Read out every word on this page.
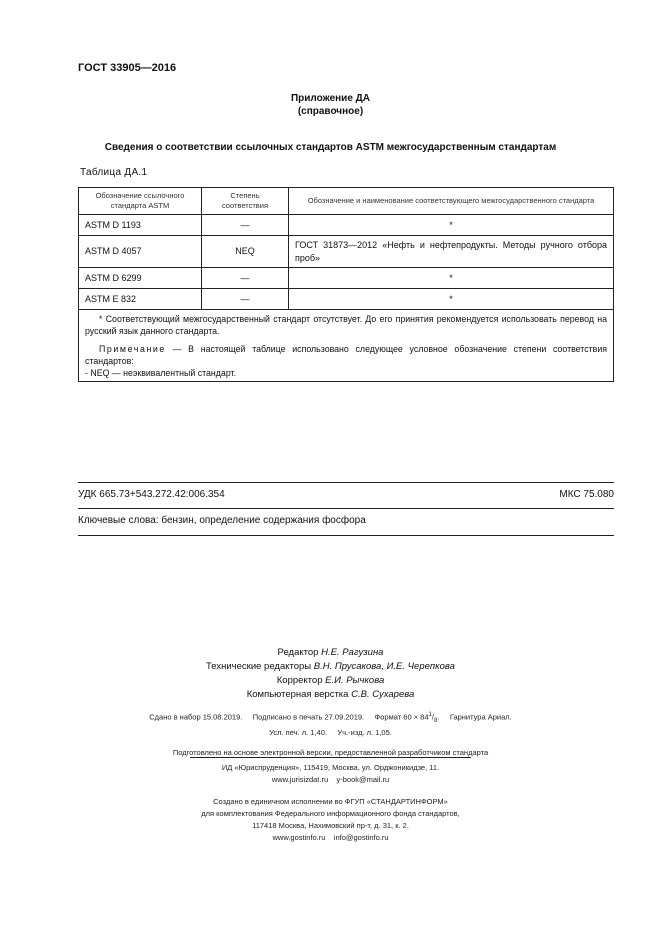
ГОСТ 33905—2016
Приложение ДА
(справочное)
Сведения о соответствии ссылочных стандартов ASTM межгосударственным стандартам
Таблица ДА.1
Обозначение ссылочного стандарта ASTM	Степень соответствия	Обозначение и наименование соответствующего межгосударственного стандарта
ASTM D 1193	—	*
ASTM D 4057	NEQ	ГОСТ 31873—2012 «Нефть и нефтепродукты. Методы ручного отбора проб»
ASTM D 6299	—	*
ASTM E 832	—	*

* Соответствующий межгосударственный стандарт отсутствует. До его принятия рекомендуется использовать перевод на русский язык данного стандарта.

Примечание — В настоящей таблице использовано следующее условное обозначение степени соответствия стандартов:

- NEQ — неэквивалентный стандарт.		

УДК 665.73+543.272.42:006.354	МКС 75.080
Ключевые слова: бензин, определение содержания фосфора
Редактор Н.Е. Рагузина
Технические редакторы В.Н. Прусакова, И.Е. Черепкова
Корректор Е.И. Рычкова
Компьютерная верстка С.В. Сухарева
Сдано в набор 15.08.2019. Подписано в печать 27.09.2019. Формат $60 \times 84^1/_8$.     Гарнитура Ариал.
Усл. печ. л. 1,40. Уч.-изд. л. 1,05.
Подготовлено на основе электронной версии, предоставленной разработчиком стандарта
ИД «Юриспруденция», 115419, Москва, ул. Орджоникидзе, 11.
www.jurisizdat.ru y-book@mail.ru
Создано в единичном исполнении во ФГУП «СТАНДАРТИНФОРМ»
для комплектования Федерального информационного фонда стандартов,
117418 Москва, Нахимовский пр-т, д. 31, к. 2.
www.gostinfo.ru info@gostinfo.ru
